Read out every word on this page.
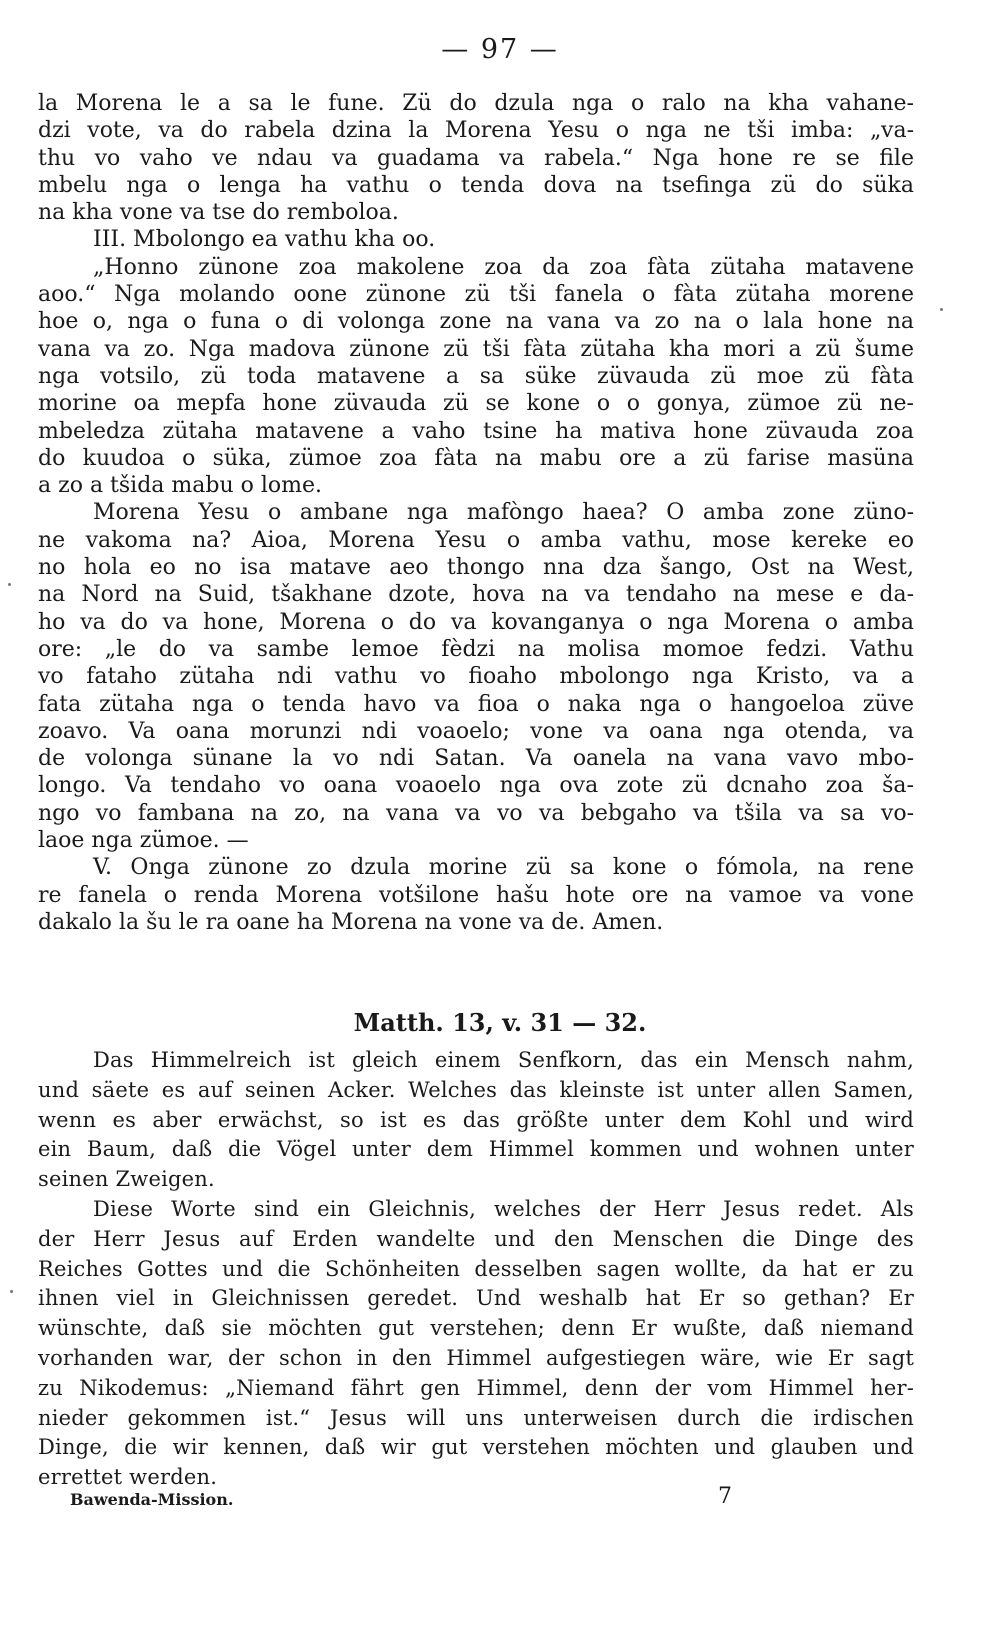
— 97 —
la Morena le a sa le fune. Zü do dzula nga o ralo na kha vahane-
dzi vote, va do rabela dzina la Morena Yesu o nga ne tši imba: „va-
thu vo vaho ve ndau va guadama va rabela.“ Nga hone re se file
mbelu nga o lenga ha vathu o tenda dova na tsefinga zü do süka
na kha vone va tse do remboloa.
III. Mbolongo ea vathu kha oo.
„Honno zünone zoa makolene zoa da zoa fàta zütaha matavene
aoo.“ Nga molando oone zünone zü tši fanela o fàta zütaha morene
hoe o, nga o funa o di volonga zone na vana va zo na o lala hone na
vana va zo. Nga madova zünone zü tši fàta zütaha kha mori a zü šume
nga votsilo, zü toda matavene a sa süke züvauda zü moe zü fàta
morine oa mepfa hone züvauda zü se kone o o gonya, zümoe zü ne-
mbeledza zütaha matavene a vaho tsine ha mativa hone züvauda zoa
do kuudoa o süka, zümoe zoa fàta na mabu ore a zü farise masüna
a zo a tšida mabu o lome.
Morena Yesu o ambane nga mafòngo haea? O amba zone züno-
ne vakoma na? Aioa, Morena Yesu o amba vathu, mose kereke eo
no hola eo no isa matave aeo thongo nna dza šango, Ost na West,
na Nord na Suid, tšakhane dzote, hova na va tendaho na mese e da-
ho va do va hone, Morena o do va kovanganya o nga Morena o amba
ore: „le do va sambe lemoe fèdzi na molisa momoe fedzi. Vathu
vo fataho zütaha ndi vathu vo fioaho mbolongo nga Kristo, va a
fata zütaha nga o tenda havo va fioa o naka nga o hangoeloa züve
zoavo. Va oana morunzi ndi voaoelo; vone va oana nga otenda, va
de volonga sünane la vo ndi Satan. Va oanela na vana vavo mbo-
longo. Va tendaho vo oana voaoelo nga ova zote zü dcnaho zoa ša-
ngo vo fambana na zo, na vana va vo va bebgaho va tšila va sa vo-
laoe nga zümoe. —
V. Onga zünone zo dzula morine zü sa kone o fómola, na rene
re fanela o renda Morena votšilone hašu hote ore na vamoe va vone
dakalo la šu le ra oane ha Morena na vone va de. Amen.
Matth. 13, v. 31 — 32.
Das Himmelreich ist gleich einem Senfkorn, das ein Mensch nahm,
und säete es auf seinen Acker. Welches das kleinste ist unter allen Samen,
wenn es aber erwächst, so ist es das größte unter dem Kohl und wird
ein Baum, daß die Vögel unter dem Himmel kommen und wohnen unter
seinen Zweigen.
Diese Worte sind ein Gleichnis, welches der Herr Jesus redet. Als
der Herr Jesus auf Erden wandelte und den Menschen die Dinge des
Reiches Gottes und die Schönheiten desselben sagen wollte, da hat er zu
ihnen viel in Gleichnissen geredet. Und weshalb hat Er so gethan? Er
wünschte, daß sie möchten gut verstehen; denn Er wußte, daß niemand
vorhanden war, der schon in den Himmel aufgestiegen wäre, wie Er sagt
zu Nikodemus: „Niemand fährt gen Himmel, denn der vom Himmel her-
nieder gekommen ist.“ Jesus will uns unterweisen durch die irdischen
Dinge, die wir kennen, daß wir gut verstehen möchten und glauben und
errettet werden.
Bawenda-Mission.	7
